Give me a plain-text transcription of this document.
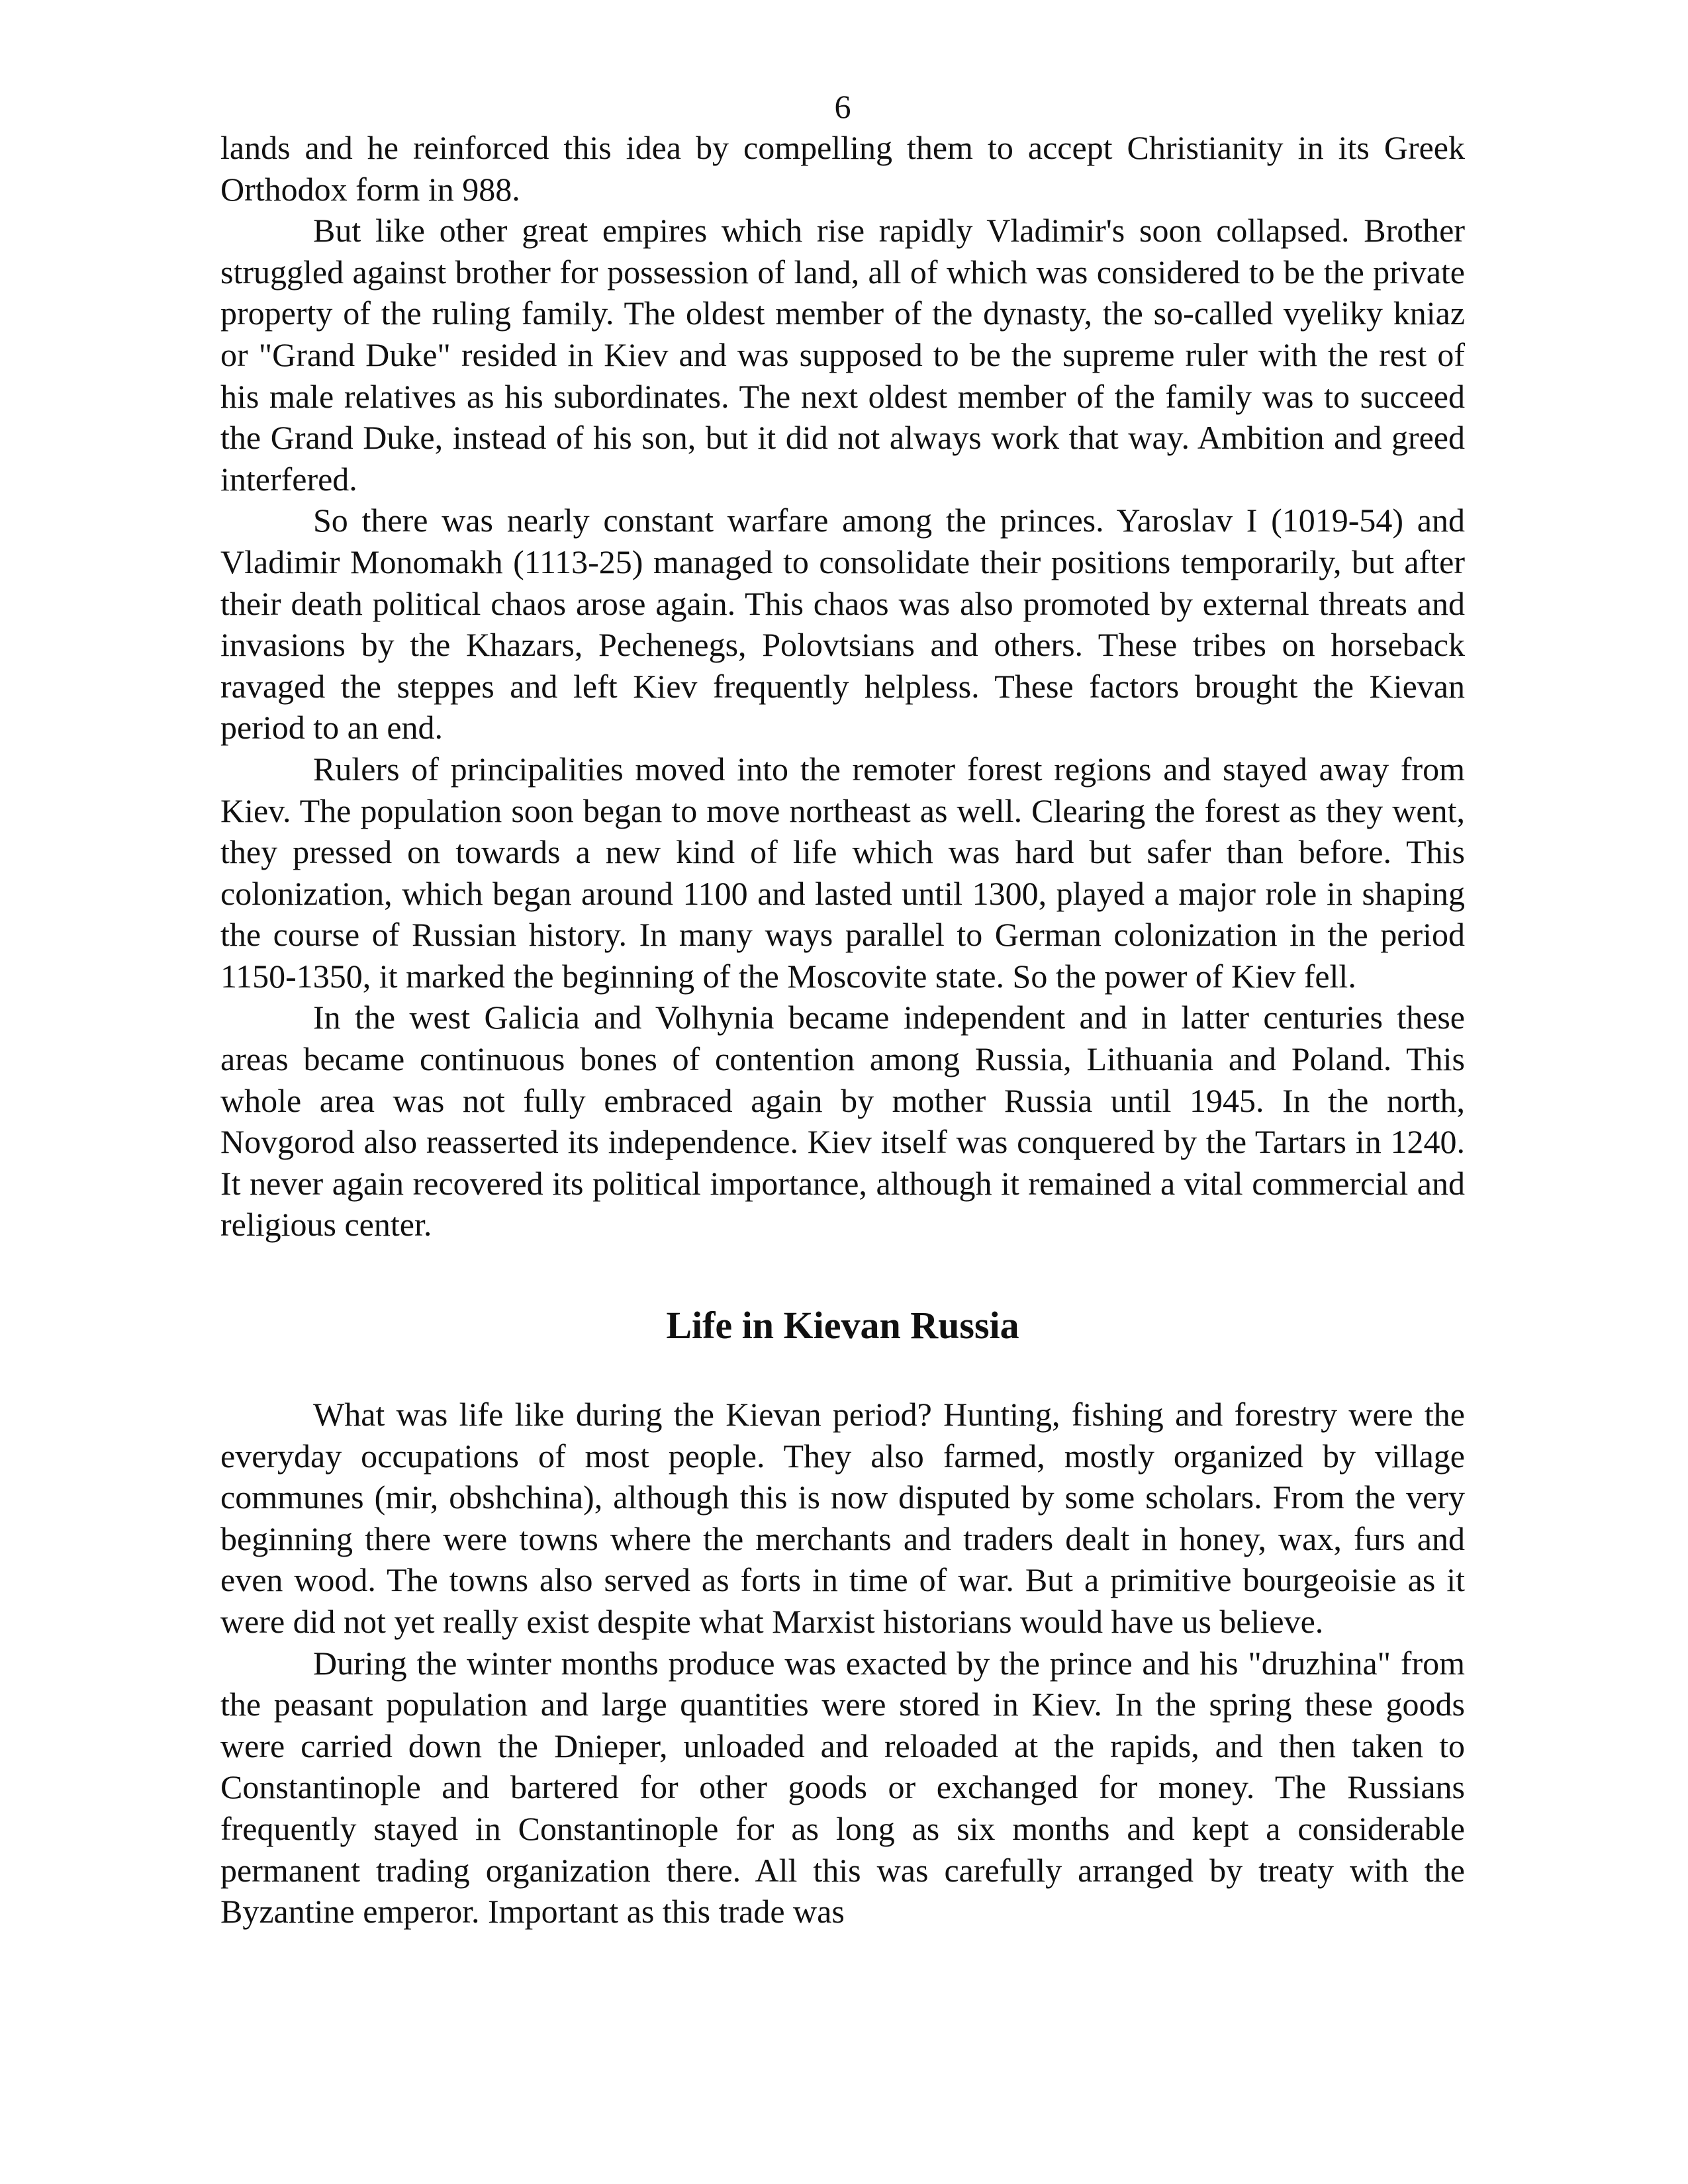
6

lands and he reinforced this idea by compelling them to accept Christianity in its Greek Orthodox form in 988.

But like other great empires which rise rapidly Vladimir's soon collapsed. Brother struggled against brother for possession of land, all of which was considered to be the private property of the ruling family. The oldest member of the dynasty, the so-called vyeliky kniaz or "Grand Duke" resided in Kiev and was supposed to be the supreme ruler with the rest of his male relatives as his subordinates. The next oldest member of the family was to succeed the Grand Duke, instead of his son, but it did not always work that way. Ambition and greed interfered.

So there was nearly constant warfare among the princes. Yaroslav I (1019-54) and Vladimir Monomakh (1113-25) managed to consolidate their positions temporarily, but after their death political chaos arose again. This chaos was also promoted by external threats and invasions by the Khazars, Pechenegs, Polovtsians and others. These tribes on horseback ravaged the steppes and left Kiev frequently helpless. These factors brought the Kievan period to an end.

Rulers of principalities moved into the remoter forest regions and stayed away from Kiev. The population soon began to move northeast as well. Clearing the forest as they went, they pressed on towards a new kind of life which was hard but safer than before. This colonization, which began around 1100 and lasted until 1300, played a major role in shaping the course of Russian history. In many ways parallel to German colonization in the period 1150-1350, it marked the beginning of the Moscovite state. So the power of Kiev fell.

In the west Galicia and Volhynia became independent and in latter centuries these areas became continuous bones of contention among Russia, Lithuania and Poland. This whole area was not fully embraced again by mother Russia until 1945. In the north, Novgorod also reasserted its independence. Kiev itself was conquered by the Tartars in 1240. It never again recovered its political importance, although it remained a vital commercial and religious center.

Life in Kievan Russia

What was life like during the Kievan period? Hunting, fishing and forestry were the everyday occupations of most people. They also farmed, mostly organized by village communes (mir, obshchina), although this is now disputed by some scholars. From the very beginning there were towns where the merchants and traders dealt in honey, wax, furs and even wood. The towns also served as forts in time of war. But a primitive bourgeoisie as it were did not yet really exist despite what Marxist historians would have us believe.

During the winter months produce was exacted by the prince and his "druzhina" from the peasant population and large quantities were stored in Kiev. In the spring these goods were carried down the Dnieper, unloaded and reloaded at the rapids, and then taken to Constantinople and bartered for other goods or exchanged for money. The Russians frequently stayed in Constantinople for as long as six months and kept a considerable permanent trading organization there. All this was carefully arranged by treaty with the Byzantine emperor. Important as this trade was
